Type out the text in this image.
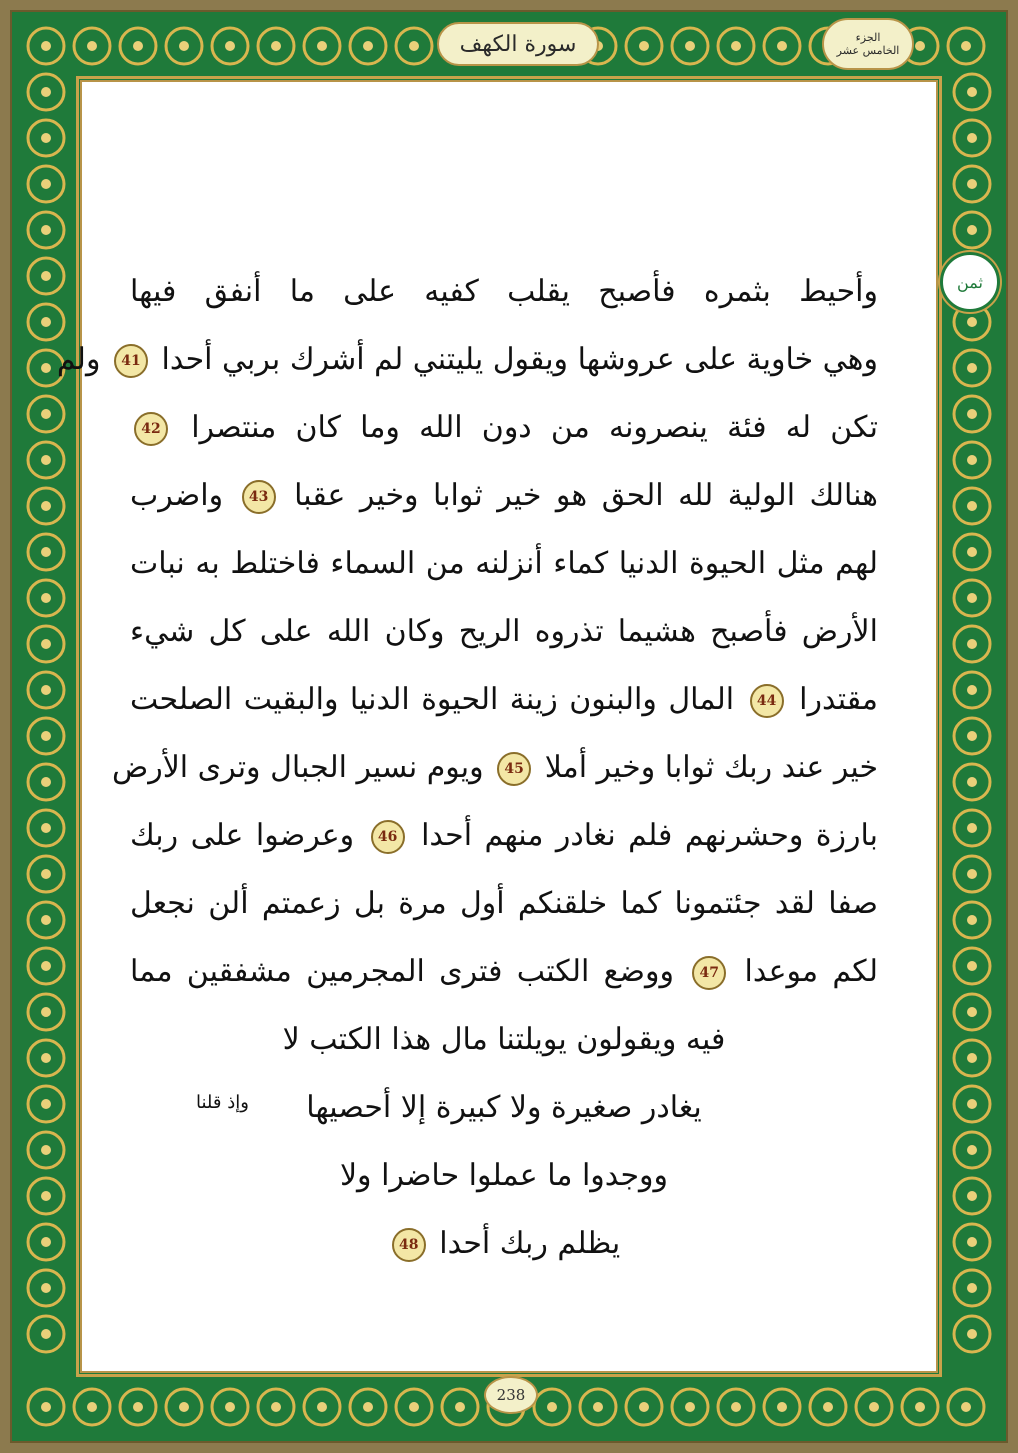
سورة الكهف	الجزء
الخامس عشر
ثمن
وأحيط بثمره فأصبح يقلب كفيه على ما أنفق فيها
وهي خاوية على عروشها ويقول يليتني لم أشرك بربي أحدا 41 ولم
تكن له فئة ينصرونه من دون الله وما كان منتصرا 42
هنالك الولية لله الحق هو خير ثوابا وخير عقبا 43 واضرب
لهم مثل الحيوة الدنيا كماء أنزلنه من السماء فاختلط به نبات
الأرض فأصبح هشيما تذروه الريح وكان الله على كل شيء
مقتدرا 44 المال والبنون زينة الحيوة الدنيا والبقيت الصلحت
خير عند ربك ثوابا وخير أملا 45 ويوم نسير الجبال وترى الأرض
بارزة وحشرنهم فلم نغادر منهم أحدا 46 وعرضوا على ربك
صفا لقد جئتمونا كما خلقنكم أول مرة بل زعمتم ألن نجعل
لكم موعدا 47 ووضع الكتب فترى المجرمين مشفقين مما
فيه ويقولون يويلتنا مال هذا الكتب لا
يغادر صغيرة ولا كبيرة إلا أحصيها
ووجدوا ما عملوا حاضرا ولا
يظلم ربك أحدا 48
وإذ قلنا
238
